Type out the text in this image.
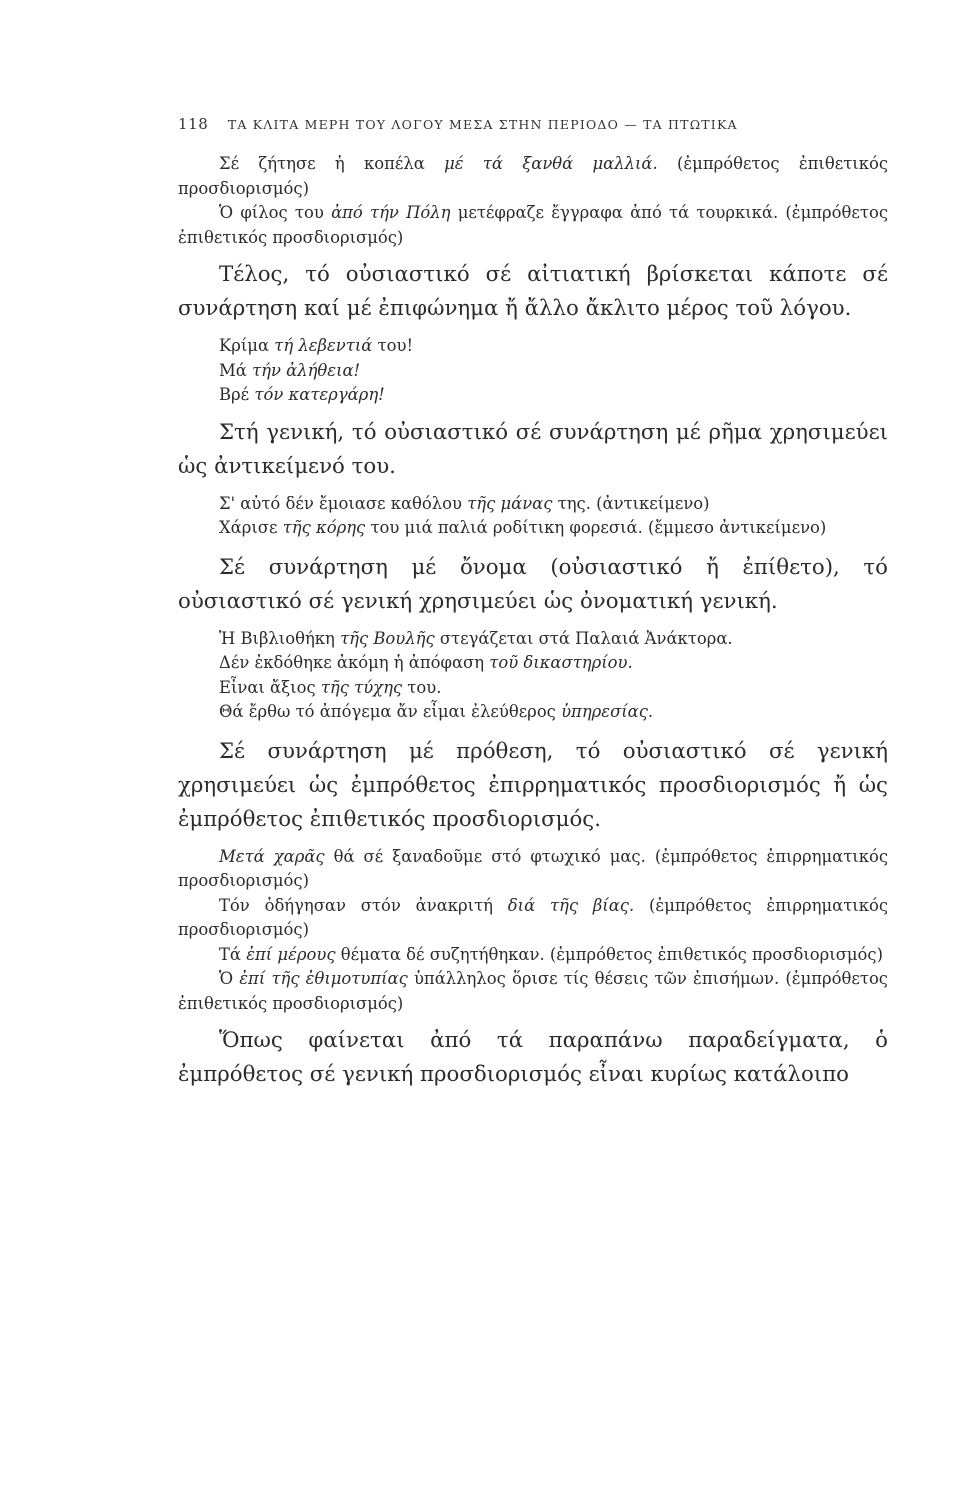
118 ΤΑ ΚΛΙΤΑ ΜΕΡΗ ΤΟΥ ΛΟΓΟΥ ΜΕΣΑ ΣΤΗΝ ΠΕΡΙΟΔΟ — ΤΑ ΠΤΩΤΙΚΑ

Σέ ζήτησε ἡ κοπέλα μέ τά ξανθά μαλλιά. (ἐμπρόθετος ἐπιθετικός προσδιορισμός)

Ὁ φίλος του ἀπό τήν Πόλη μετέφραζε ἔγγραφα ἀπό τά τουρκικά. (ἐμπρόθετος ἐπιθετικός προσδιορισμός)

Τέλος, τό οὐσιαστικό σέ αἰτιατική βρίσκεται κάποτε σέ συνάρτηση καί μέ ἐπιφώνημα ἤ ἄλλο ἄκλιτο μέρος τοῦ λόγου.

Κρίμα τή λεβεντιά του!

Μά τήν ἀλήθεια!

Βρέ τόν κατεργάρη!

Στή γενική, τό οὐσιαστικό σέ συνάρτηση μέ ρῆμα χρησιμεύει ὡς ἀντικείμενό του.

Σ' αὐτό δέν ἔμοιασε καθόλου τῆς μάνας της. (ἀντικείμενο)

Χάρισε τῆς κόρης του μιά παλιά ροδίτικη φορεσιά. (ἔμμεσο ἀντικείμενο)

Σέ συνάρτηση μέ ὄνομα (οὐσιαστικό ἤ ἐπίθετο), τό οὐσιαστικό σέ γενική χρησιμεύει ὡς ὀνοματική γενική.

Ἡ Βιβλιοθήκη τῆς Βουλῆς στεγάζεται στά Παλαιά Ἀνάκτορα.

Δέν ἐκδόθηκε ἀκόμη ἡ ἀπόφαση τοῦ δικαστηρίου.

Εἶναι ἄξιος τῆς τύχης του.

Θά ἔρθω τό ἀπόγεμα ἄν εἶμαι ἐλεύθερος ὑπηρεσίας.

Σέ συνάρτηση μέ πρόθεση, τό οὐσιαστικό σέ γενική χρησιμεύει ὡς ἐμπρόθετος ἐπιρρηματικός προσδιορισμός ἤ ὡς ἐμπρόθετος ἐπιθετικός προσδιορισμός.

Μετά χαρᾶς θά σέ ξαναδοῦμε στό φτωχικό μας. (ἐμπρόθετος ἐπιρρηματικός προσδιορισμός)

Τόν ὁδήγησαν στόν ἀνακριτή διά τῆς βίας. (ἐμπρόθετος ἐπιρρηματικός προσδιορισμός)

Τά ἐπί μέρους θέματα δέ συζητήθηκαν. (ἐμπρόθετος ἐπιθετικός προσδιορισμός)

Ὁ ἐπί τῆς ἐθιμοτυπίας ὑπάλληλος ὅρισε τίς θέσεις τῶν ἐπισήμων. (ἐμπρόθετος ἐπιθετικός προσδιορισμός)

Ὅπως φαίνεται ἀπό τά παραπάνω παραδείγματα, ὁ ἐμπρόθετος σέ γενική προσδιορισμός εἶναι κυρίως κατάλοιπο
